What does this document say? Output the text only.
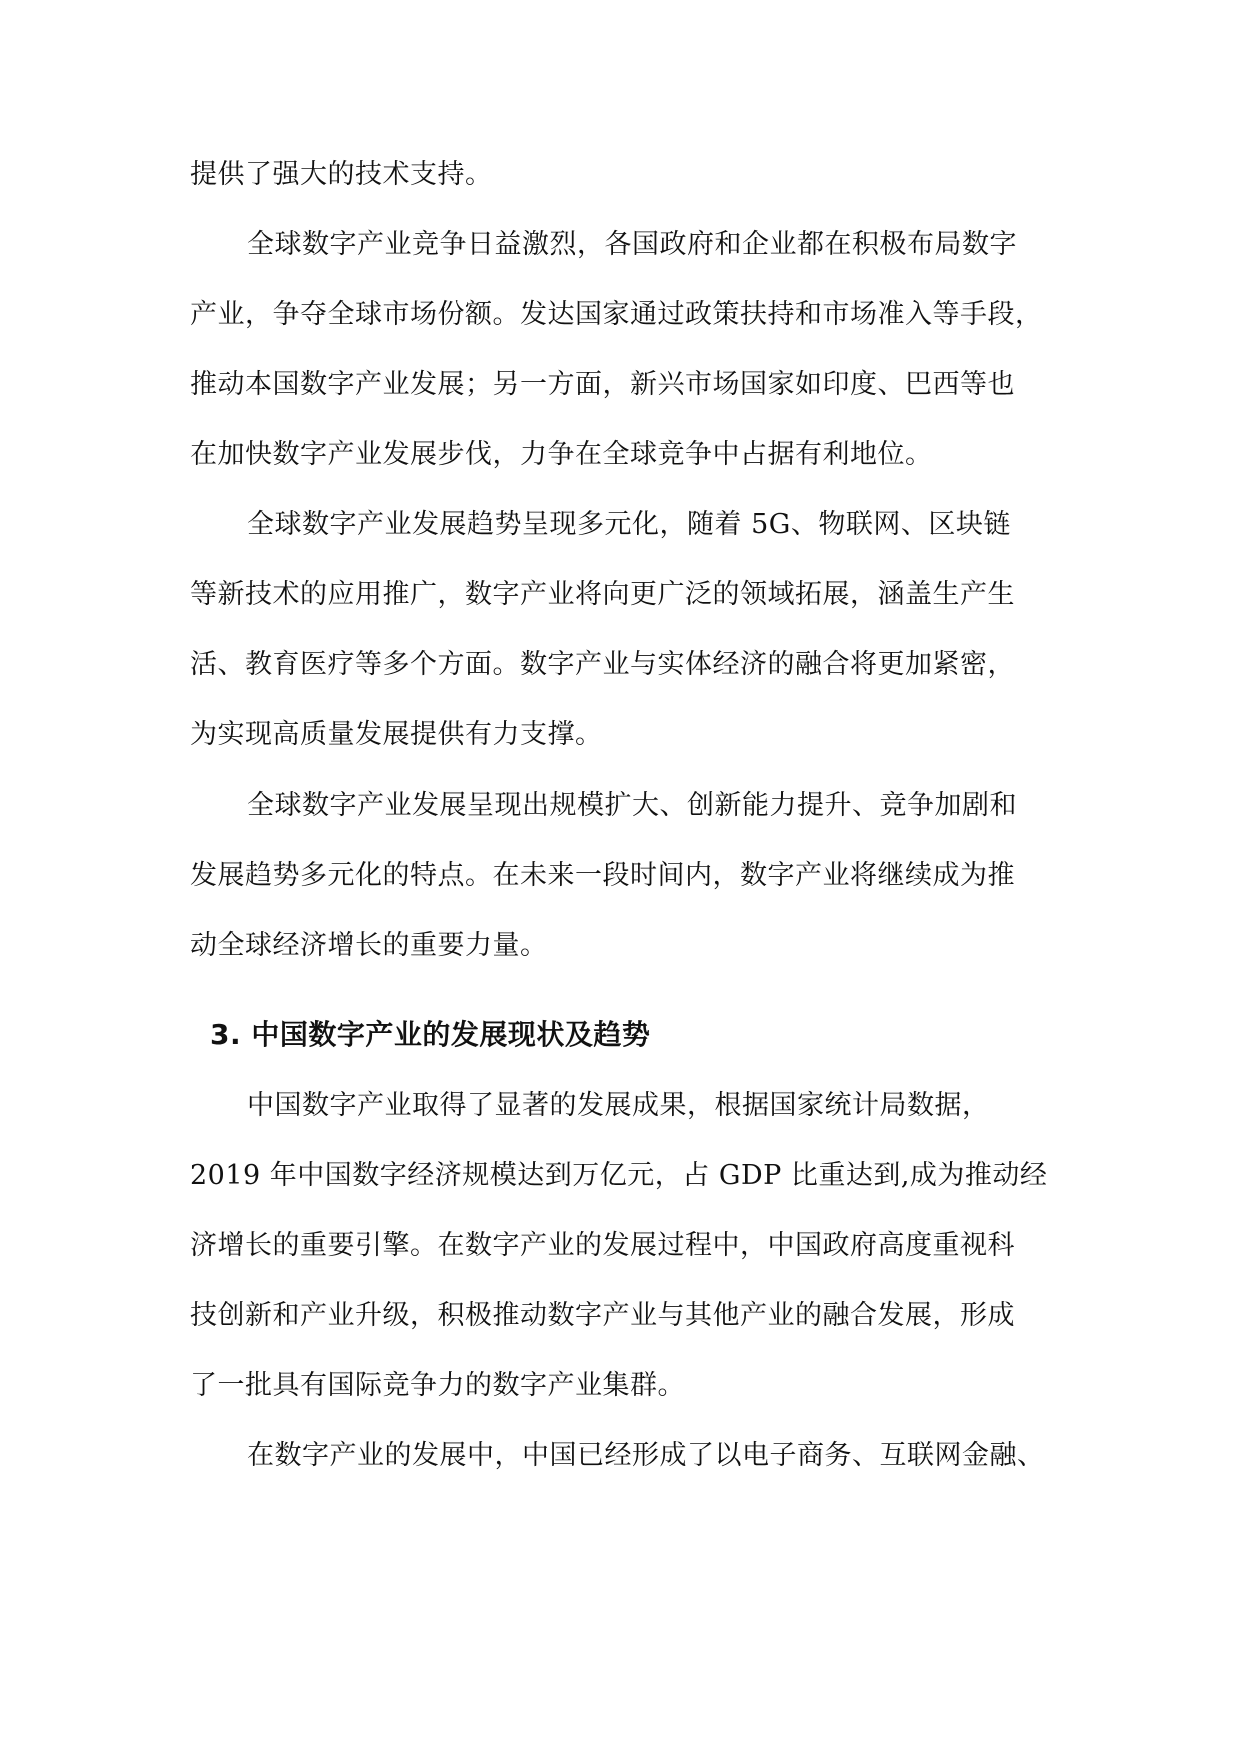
提供了强大的技术支持。
全球数字产业竞争日益激烈，各国政府和企业都在积极布局数字
产业，争夺全球市场份额。发达国家通过政策扶持和市场准入等手段，
推动本国数字产业发展；另一方面，新兴市场国家如印度、巴西等也
在加快数字产业发展步伐，力争在全球竞争中占据有利地位。
全球数字产业发展趋势呈现多元化，随着 5G、物联网、区块链
等新技术的应用推广，数字产业将向更广泛的领域拓展，涵盖生产生
活、教育医疗等多个方面。数字产业与实体经济的融合将更加紧密，
为实现高质量发展提供有力支撑。
全球数字产业发展呈现出规模扩大、创新能力提升、竞争加剧和
发展趋势多元化的特点。在未来一段时间内，数字产业将继续成为推
动全球经济增长的重要力量。
3. 中国数字产业的发展现状及趋势
中国数字产业取得了显著的发展成果，根据国家统计局数据，
2019 年中国数字经济规模达到万亿元，占 GDP 比重达到,成为推动经
济增长的重要引擎。在数字产业的发展过程中，中国政府高度重视科
技创新和产业升级，积极推动数字产业与其他产业的融合发展，形成
了一批具有国际竞争力的数字产业集群。
在数字产业的发展中，中国已经形成了以电子商务、互联网金融、
